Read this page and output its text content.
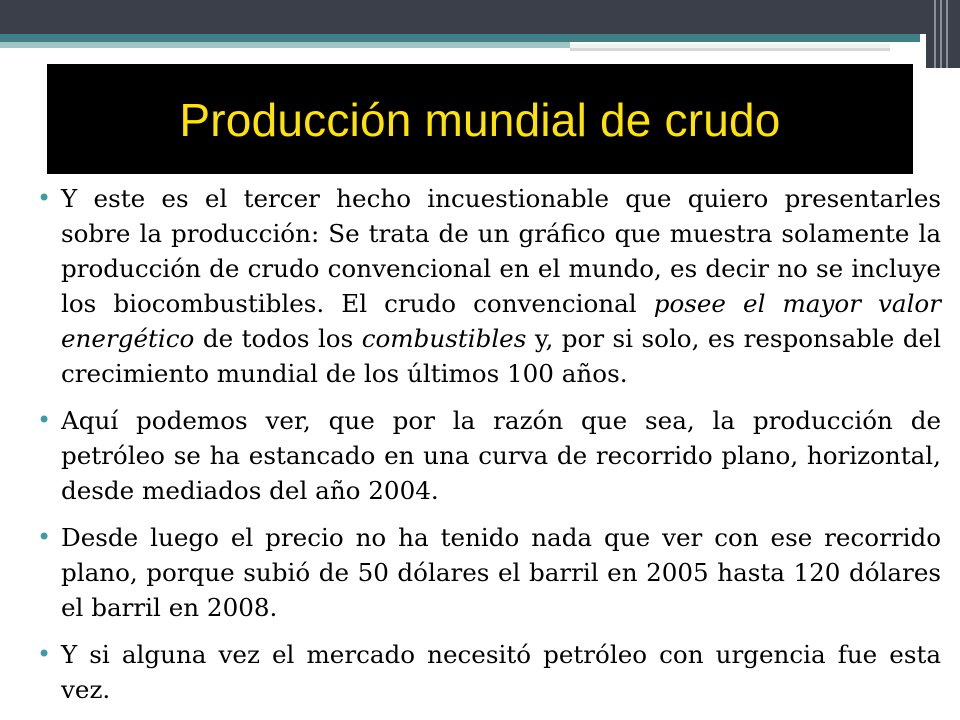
Producción mundial de crudo

• Y este es el tercer hecho incuestionable que quiero presentarles sobre la producción: Se trata de un gráfico que muestra solamente la producción de crudo convencional en el mundo, es decir no se incluye los biocombustibles. El crudo convencional posee el mayor valor energético de todos los combustibles y, por si solo, es responsable del crecimiento mundial de los últimos 100 años.

• Aquí podemos ver, que por la razón que sea, la producción de petróleo se ha estancado en una curva de recorrido plano, horizontal, desde mediados del año 2004.

• Desde luego el precio no ha tenido nada que ver con ese recorrido plano, porque subió de 50 dólares el barril en 2005 hasta 120 dólares el barril en 2008.

• Y si alguna vez el mercado necesitó petróleo con urgencia fue esta vez.
